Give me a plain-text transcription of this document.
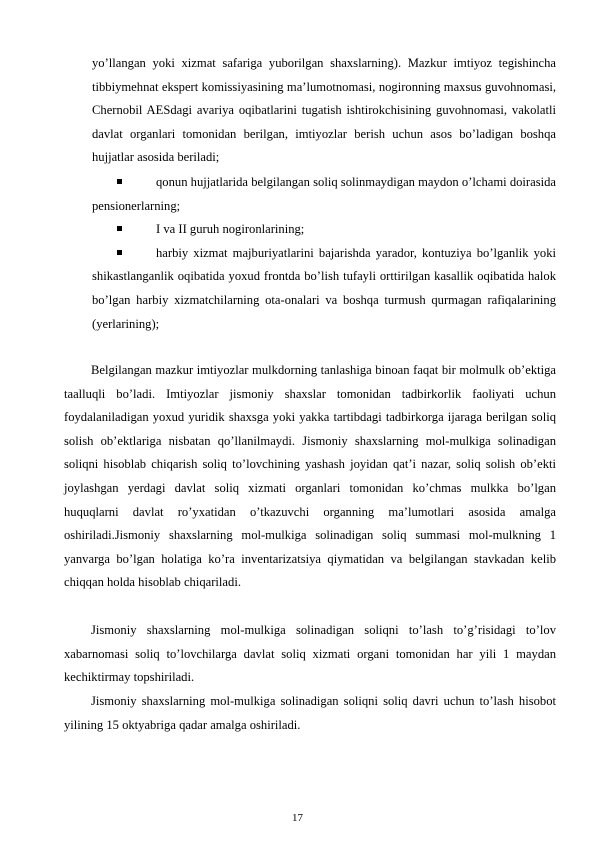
yo’llangan yoki xizmat safariga yuborilgan shaxslarning). Mazkur imtiyoz tegishincha tibbiymehnat ekspert komissiyasining ma’lumotnomasi, nogironning maxsus guvohnomasi, Chernobil AESdagi avariya oqibatlarini tugatish ishtirokchisining guvohnomasi, vakolatli davlat organlari tomonidan berilgan, imtiyozlar berish uchun asos bo’ladigan boshqa hujjatlar asosida beriladi;

qonun hujjatlarida belgilangan soliq solinmaydigan maydon o’lchami doirasida pensionerlarning;

I va II guruh nogironlarining;

harbiy xizmat majburiyatlarini bajarishda yarador, kontuziya bo’lganlik yoki shikastlanganlik oqibatida yoxud frontda bo’lish tufayli orttirilgan kasallik oqibatida halok bo’lgan harbiy xizmatchilarning ota-onalari va boshqa turmush qurmagan rafiqalarining (yerlarining);

Belgilangan mazkur imtiyozlar mulkdorning tanlashiga binoan faqat bir molmulk ob’ektiga taalluqli bo’ladi. Imtiyozlar jismoniy shaxslar tomonidan tadbirkorlik faoliyati uchun foydalaniladigan yoxud yuridik shaxsga yoki yakka tartibdagi tadbirkorga ijaraga berilgan soliq solish ob’ektlariga nisbatan qo’llanilmaydi. Jismoniy shaxslarning mol-mulkiga solinadigan soliqni hisoblab chiqarish soliq to’lovchining yashash joyidan qat’i nazar, soliq solish ob’ekti joylashgan yerdagi davlat soliq xizmati organlari tomonidan ko’chmas mulkka bo’lgan huquqlarni davlat ro’yxatidan o’tkazuvchi organning ma’lumotlari asosida amalga oshiriladi.Jismoniy shaxslarning mol-mulkiga solinadigan soliq summasi mol-mulkning 1 yanvarga bo’lgan holatiga ko’ra inventarizatsiya qiymatidan va belgilangan stavkadan kelib chiqqan holda hisoblab chiqariladi.

Jismoniy shaxslarning mol-mulkiga solinadigan soliqni to’lash to’g’risidagi to’lov xabarnomasi soliq to’lovchilarga davlat soliq xizmati organi tomonidan har yili 1 maydan kechiktirmay topshiriladi.

Jismoniy shaxslarning mol-mulkiga solinadigan soliqni soliq davri uchun to’lash hisobot yilining 15 oktyabriga qadar amalga oshiriladi.

17
